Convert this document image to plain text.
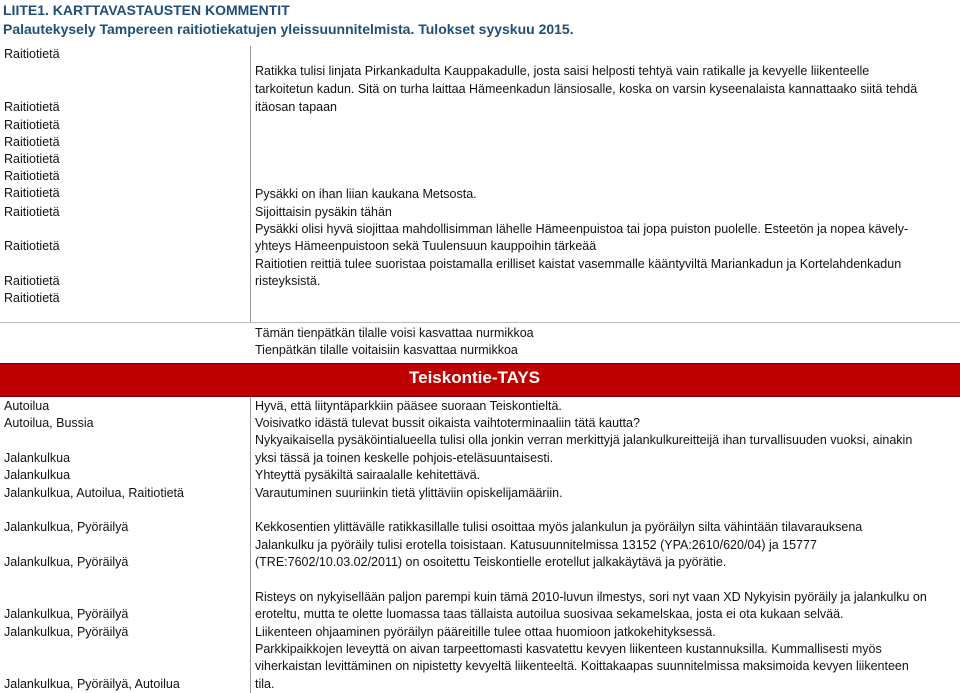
LIITE1. KARTTAVASTAUSTEN KOMMENTIT
Palautekysely Tampereen raitiotiekatujen yleissuunnitelmista. Tulokset syyskuu 2015.
Raitiotietä
Raitiotietä
Raitiotietä
Raitiotietä
Raitiotietä
Raitiotietä
Raitiotietä
Raitiotietä
Raitiotietä
Raitiotietä
Raitiotietä
Ratikka tulisi linjata Pirkankadulta Kauppakadulle, josta saisi helposti tehtyä vain ratikalle ja kevyelle liikenteelle
tarkoitetun kadun. Sitä on turha laittaa Hämeenkadun länsiosalle, koska on varsin kyseenalaista kannattaako siitä tehdä
itäosan tapaan
Pysäkki on ihan liian kaukana Metsosta.
Sijoittaisin pysäkin tähän
Pysäkki olisi hyvä siojittaa mahdollisimman lähelle Hämeenpuistoa tai jopa puiston puolelle. Esteetön ja nopea kävely-
yhteys Hämeenpuistoon sekä Tuulensuun kauppoihin tärkeää
Raitiotien reittiä tulee suoristaa poistamalla erilliset kaistat vasemmalle kääntyviltä Mariankadun ja Kortelahdenkadun
risteyksistä.
Tämän tienpätkän tilalle voisi kasvattaa nurmikkoa
Tienpätkän tilalle voitaisiin kasvattaa nurmikkoa
Teiskontie-TAYS
Autoilua
Autoilua, Bussia
Jalankulkua
Jalankulkua
Jalankulkua, Autoilua, Raitiotietä
Jalankulkua, Pyöräilyä
Jalankulkua, Pyöräilyä
Jalankulkua, Pyöräilyä
Jalankulkua, Pyöräilyä
Jalankulkua, Pyöräilyä, Autoilua
Hyvä, että liityntäparkkiin pääsee suoraan Teiskontieltä.
Voisivatko idästä tulevat bussit oikaista vaihtoterminaaliin tätä kautta?
Nykyaikaisella pysäköintialueella tulisi olla jonkin verran merkittyjä jalankulkureitteijä ihan turvallisuuden vuoksi, ainakin
yksi tässä ja toinen keskelle pohjois-eteläsuuntaisesti.
Yhteyttä pysäkiltä sairaalalle kehitettävä.
Varautuminen suuriinkin tietä ylittäviin opiskelijamääriin.
Kekkosentien ylittävälle ratikkasillalle tulisi osoittaa myös jalankulun ja pyöräilyn silta vähintään tilavarauksena
Jalankulku ja pyöräily tulisi erotella toisistaan. Katusuunnitelmissa 13152 (YPA:2610/620/04) ja 15777
(TRE:7602/10.03.02/2011) on osoitettu Teiskontielle erotellut jalkakäytävä ja pyörätie.
Risteys on nykyisellään paljon parempi kuin tämä 2010-luvun ilmestys, sori nyt vaan XD Nykyisin pyöräily ja jalankulku on
eroteltu, mutta te olette luomassa taas tällaista autoilua suosivaa sekamelskaa, josta ei ota kukaan selvää.
Liikenteen ohjaaminen pyöräilyn pääreitille tulee ottaa huomioon jatkokehityksessä.
Parkkipaikkojen leveyttä on aivan tarpeettomasti kasvatettu kevyen liikenteen kustannuksilla. Kummallisesti myös
viherkaistan levittäminen on nipistetty kevyeltä liikenteeltä. Koittakaapas suunnitelmissa maksimoida kevyen liikenteen
tila.
